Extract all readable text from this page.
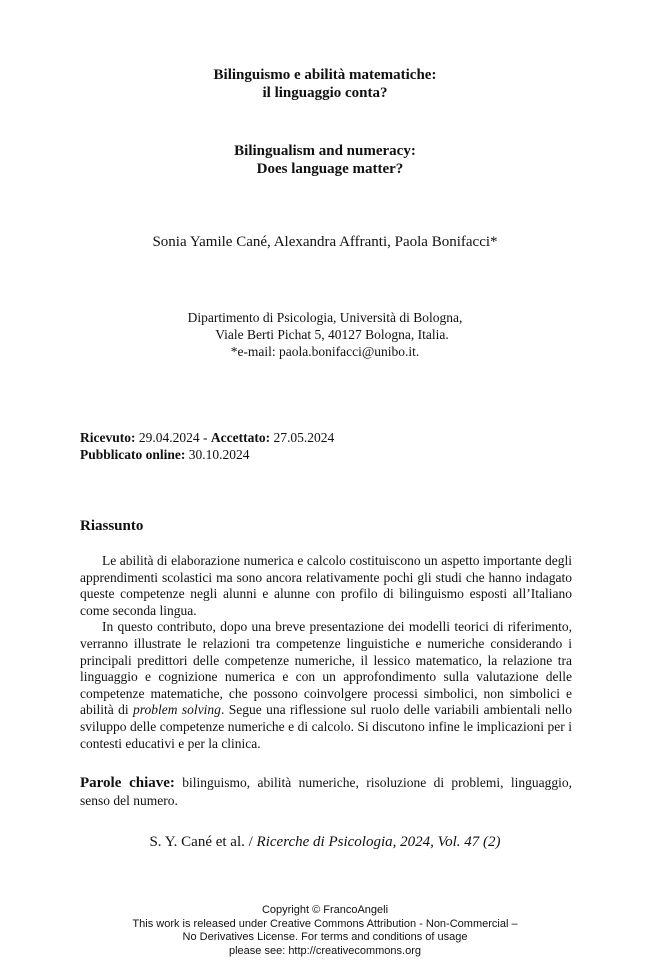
Bilinguismo e abilità matematiche:
il linguaggio conta?
Bilingualism and numeracy:
Does language matter?
Sonia Yamile Cané, Alexandra Affranti, Paola Bonifacci*
Dipartimento di Psicologia, Università di Bologna,
Viale Berti Pichat 5, 40127 Bologna, Italia.
*e-mail: paola.bonifacci@unibo.it.
Ricevuto: 29.04.2024 - Accettato: 27.05.2024
Pubblicato online: 30.10.2024
Riassunto

Le abilità di elaborazione numerica e calcolo costituiscono un aspetto importante degli apprendimenti scolastici ma sono ancora relativamente pochi gli studi che hanno indagato queste competenze negli alunni e alunne con profilo di bilinguismo esposti all’Italiano come seconda lingua.

In questo contributo, dopo una breve presentazione dei modelli teorici di riferimento, verranno illustrate le relazioni tra competenze linguistiche e numeriche considerando i principali predittori delle competenze numeriche, il lessico matematico, la relazione tra linguaggio e cognizione numerica e con un approfondimento sulla valutazione delle competenze matematiche, che possono coinvolgere processi simbolici, non simbolici e abilità di problem solving. Segue una riflessione sul ruolo delle variabili ambientali nello sviluppo delle competenze numeriche e di calcolo. Si discutono infine le implicazioni per i contesti educativi e per la clinica.

Parole chiave: bilinguismo, abilità numeriche, risoluzione di problemi, linguaggio, senso del numero.
S. Y. Cané et al. / Ricerche di Psicologia, 2024, Vol. 47 (2)
Copyright © FrancoAngeli
This work is released under Creative Commons Attribution - Non-Commercial –
No Derivatives License. For terms and conditions of usage
please see: http://creativecommons.org
